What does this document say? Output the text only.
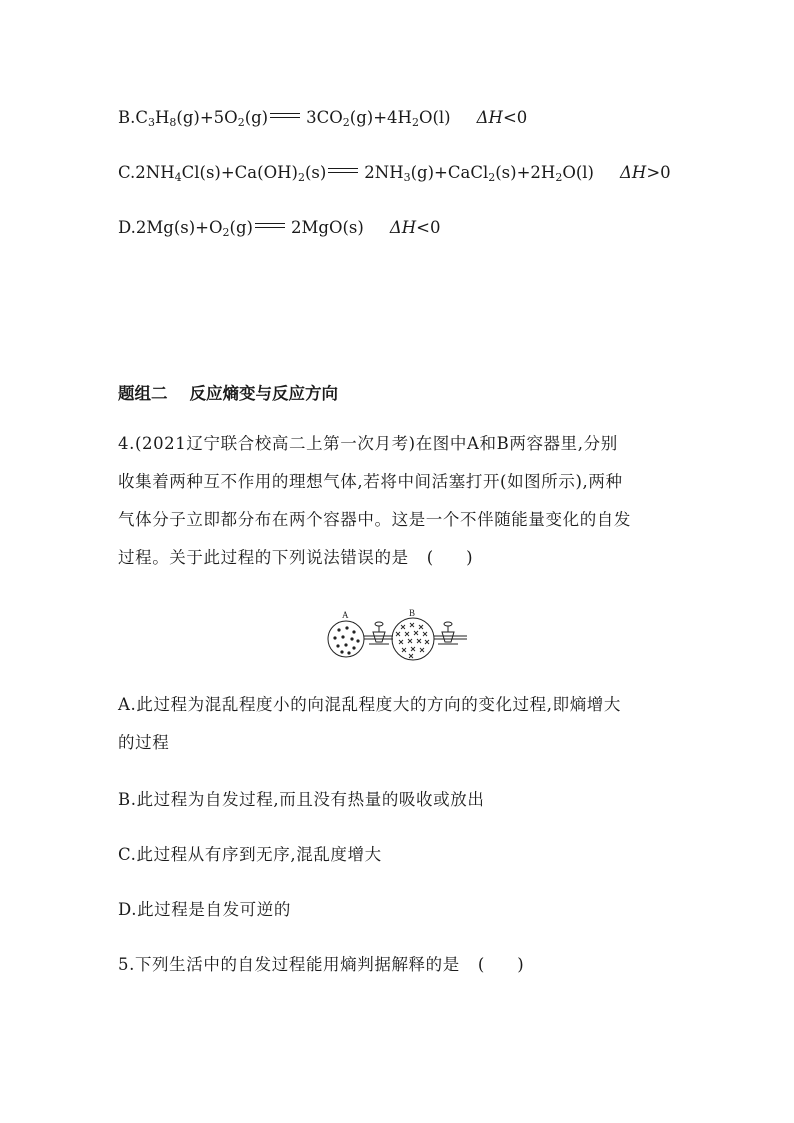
$B.C_3H_8(g)+5O_2(g)$ $3CO_2(g)+4H_2O(l)$ ΔH<0
$C.2NH_4Cl(s)+Ca(OH)_2(s)$ $2NH_3(g)+CaCl_2(s)+2H_2O(l)$ ΔH>0
$D.2Mg(s)+O_2(g)$ 2MgO(s) ΔH<0
题组二 反应熵变与反应方向
4.(2021辽宁联合校高二上第一次月考)在图中A和B两容器里,分别
收集着两种互不作用的理想气体,若将中间活塞打开(如图所示),两种
气体分子立即都分布在两个容器中。这是一个不伴随能量变化的自发
过程。关于此过程的下列说法错误的是 (　　)
A	B
A.此过程为混乱程度小的向混乱程度大的方向的变化过程,即熵增大
的过程
B.此过程为自发过程,而且没有热量的吸收或放出
C.此过程从有序到无序,混乱度增大
D.此过程是自发可逆的
5.下列生活中的自发过程能用熵判据解释的是 (　　)
